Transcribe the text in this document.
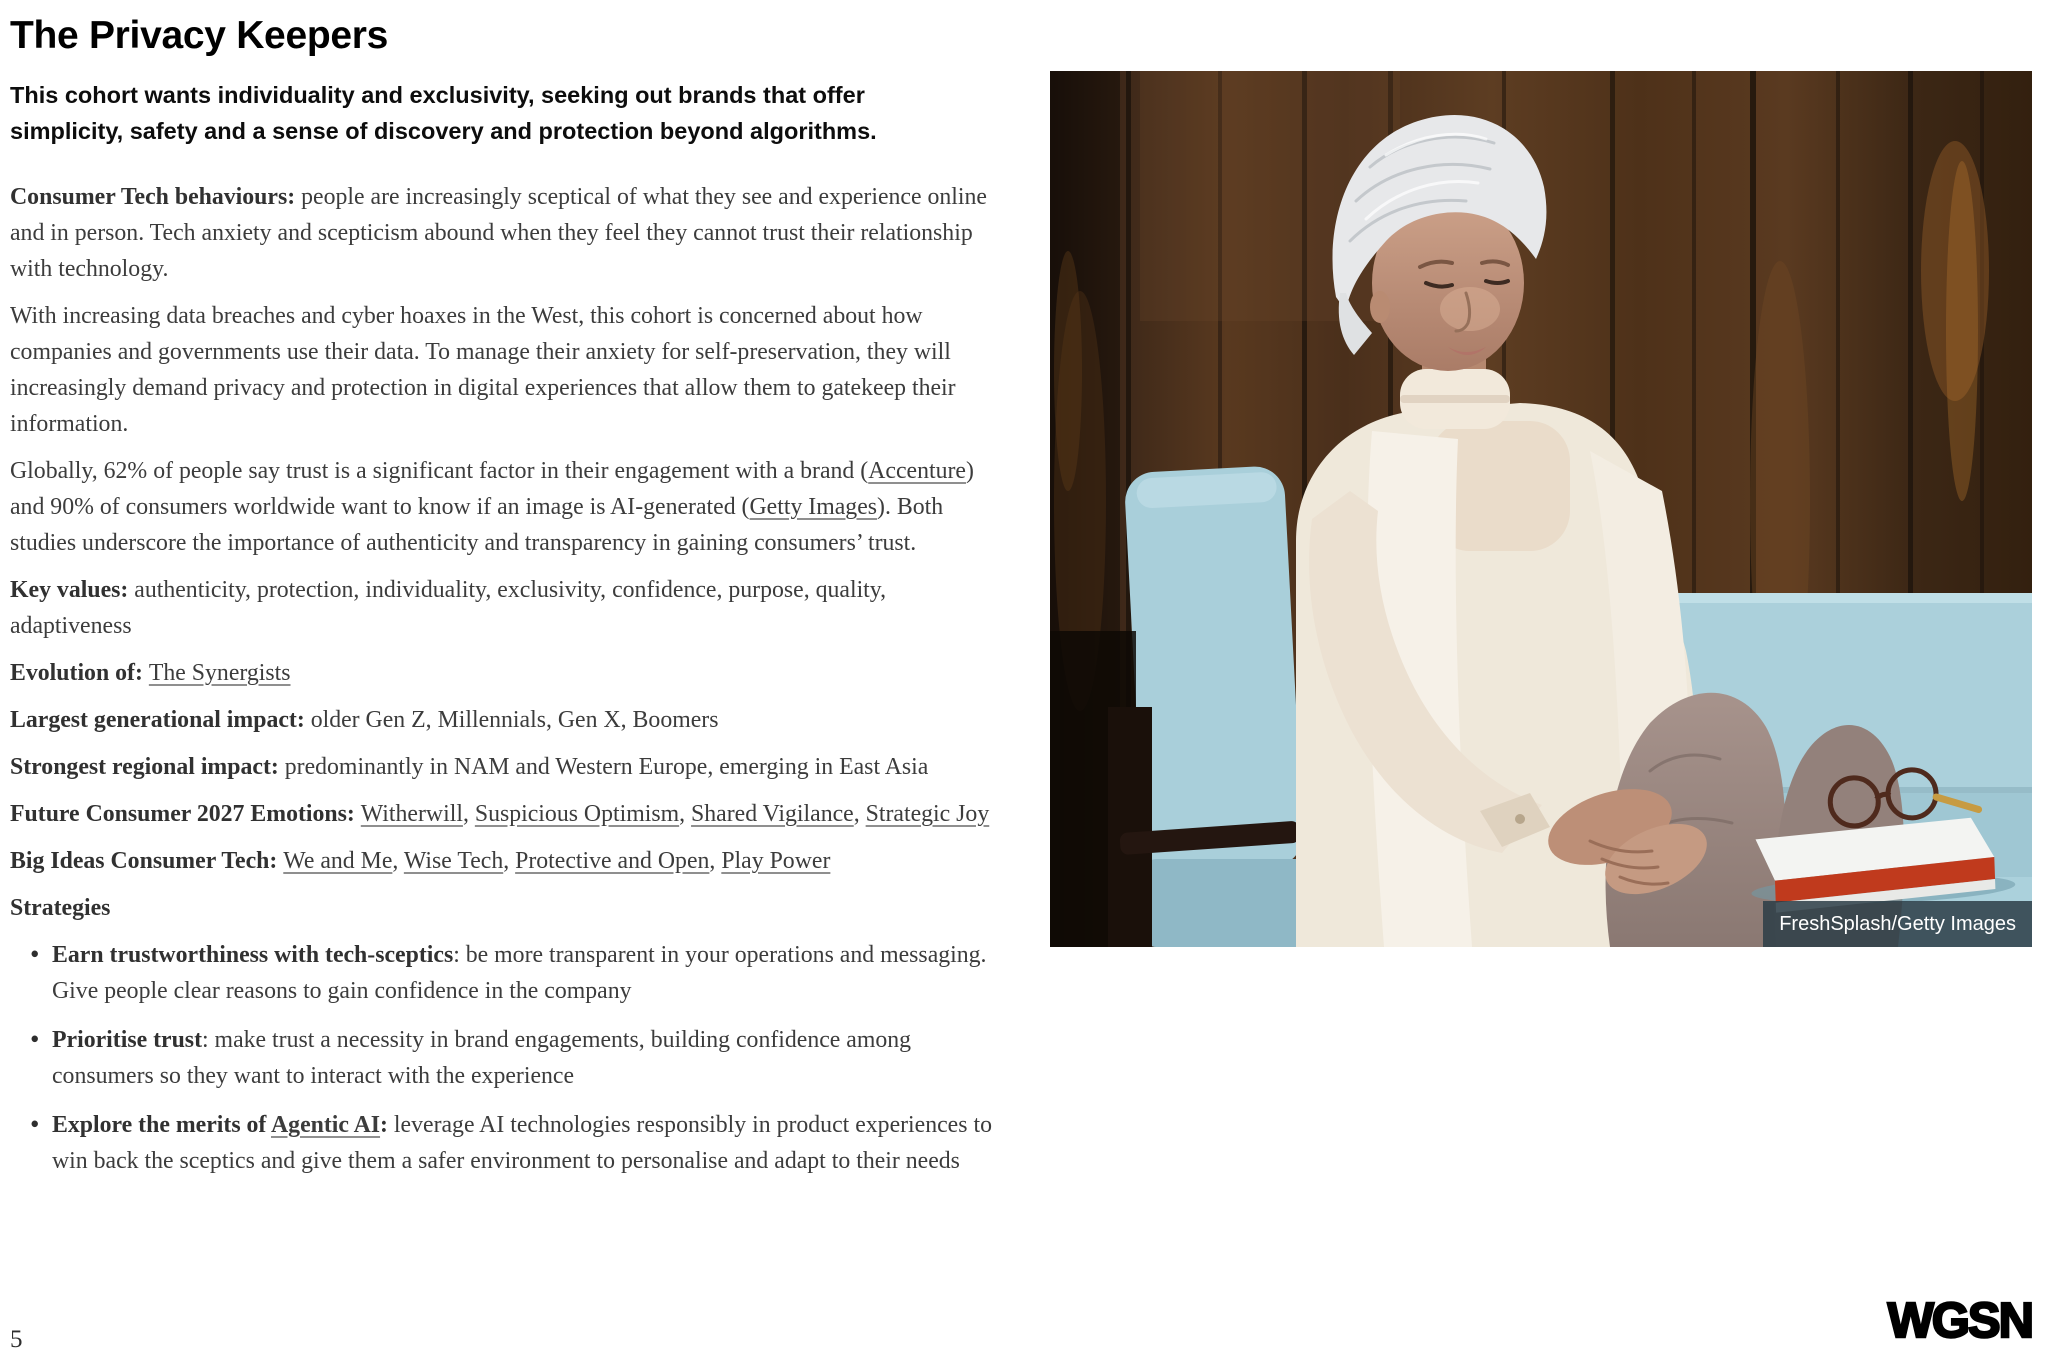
The Privacy Keepers

This cohort wants individuality and exclusivity, seeking out brands that offer simplicity, safety and a sense of discovery and protection beyond algorithms.

Consumer Tech behaviours: people are increasingly sceptical of what they see and experience online and in person. Tech anxiety and scepticism abound when they feel they cannot trust their relationship with technology.

With increasing data breaches and cyber hoaxes in the West, this cohort is concerned about how companies and governments use their data. To manage their anxiety for self-preservation, they will increasingly demand privacy and protection in digital experiences that allow them to gatekeep their information.

Globally, 62% of people say trust is a significant factor in their engagement with a brand (Accenture) and 90% of consumers worldwide want to know if an image is AI-generated (Getty Images). Both studies underscore the importance of authenticity and transparency in gaining consumers’ trust.

Key values: authenticity, protection, individuality, exclusivity, confidence, purpose, quality, adaptiveness

Evolution of: The Synergists

Largest generational impact: older Gen Z, Millennials, Gen X, Boomers

Strongest regional impact: predominantly in NAM and Western Europe, emerging in East Asia

Future Consumer 2027 Emotions: Witherwill, Suspicious Optimism, Shared Vigilance, Strategic Joy

Big Ideas Consumer Tech: We and Me, Wise Tech, Protective and Open, Play Power

Strategies

• Earn trustworthiness with tech-sceptics: be more transparent in your operations and messaging. Give people clear reasons to gain confidence in the company
• Prioritise trust: make trust a necessity in brand engagements, building confidence among consumers so they want to interact with the experience
• Explore the merits of Agentic AI: leverage AI technologies responsibly in product experiences to win back the sceptics and give them a safer environment to personalise and adapt to their needs
FreshSplash/Getty Images
5	WGSN
